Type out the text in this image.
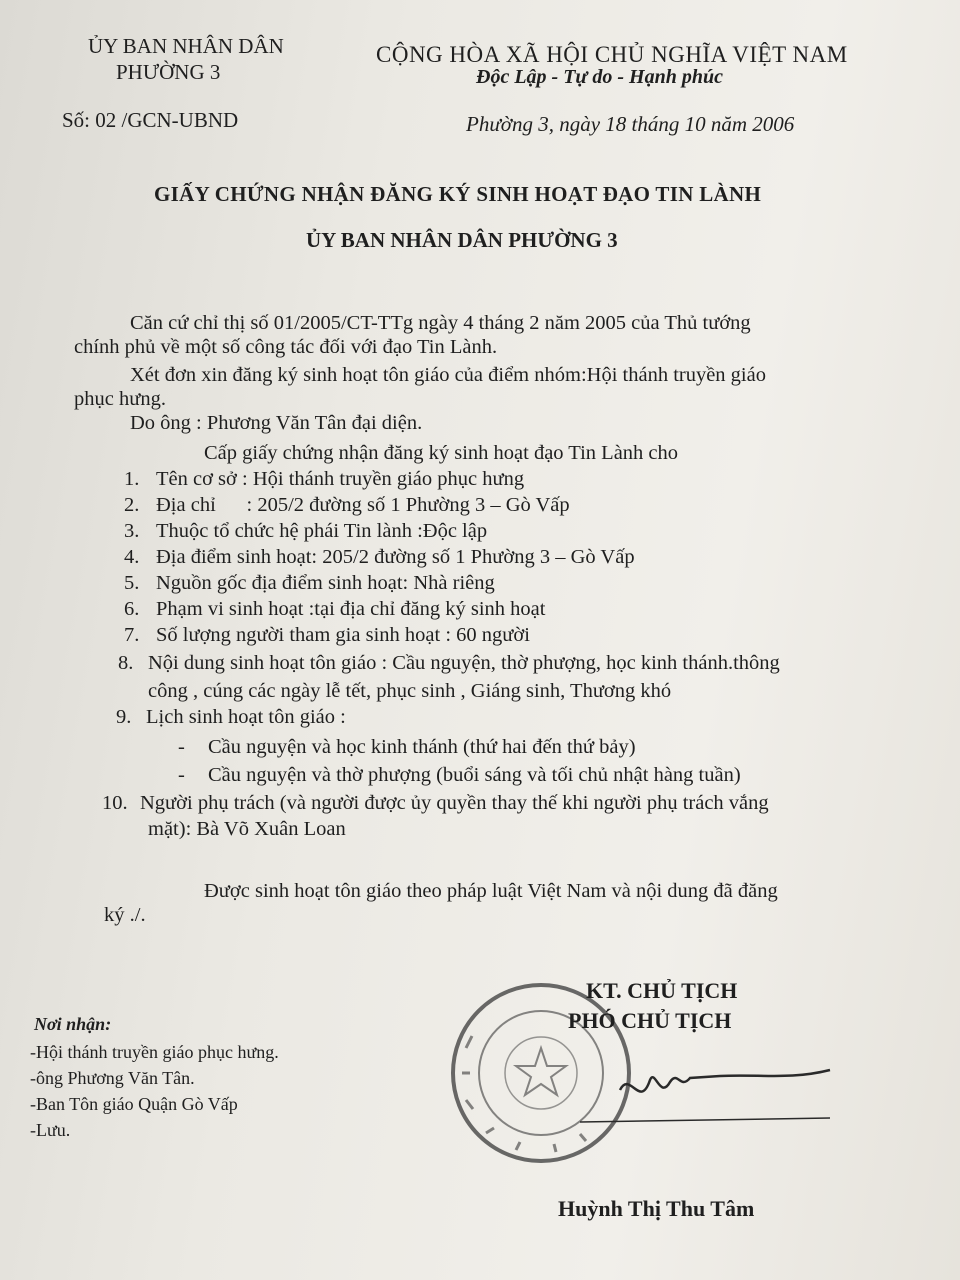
ỦY BAN NHÂN DÂN
PHƯỜNG 3
CỘNG HÒA XÃ HỘI CHỦ NGHĨA VIỆT NAM
Độc Lập - Tự do - Hạnh phúc
Số: 02 /GCN-UBND	Phường 3, ngày 18 tháng 10 năm 2006
GIẤY CHỨNG NHẬN ĐĂNG KÝ SINH HOẠT ĐẠO TIN LÀNH
ỦY BAN NHÂN DÂN PHƯỜNG 3
Căn cứ chỉ thị số 01/2005/CT-TTg ngày 4 tháng 2 năm 2005 của Thủ tướng
chính phủ về một số công tác đối với đạo Tin Lành.
Xét đơn xin đăng ký sinh hoạt tôn giáo của điểm nhóm:Hội thánh truyền giáo
phục hưng.
Do ông : Phương Văn Tân đại diện.
Cấp giấy chứng nhận đăng ký sinh hoạt đạo Tin Lành cho
1. Tên cơ sở : Hội thánh truyền giáo phục hưng
2. Địa chỉ      : 205/2 đường số 1 Phường 3 – Gò Vấp
3. Thuộc tổ chức hệ phái Tin lành :Độc lập
4. Địa điểm sinh hoạt: 205/2 đường số 1 Phường 3 – Gò Vấp
5. Nguồn gốc địa điểm sinh hoạt: Nhà riêng
6. Phạm vi sinh hoạt :tại địa chỉ đăng ký sinh hoạt
7. Số lượng người tham gia sinh hoạt : 60 người
8. Nội dung sinh hoạt tôn giáo : Cầu nguyện, thờ phượng, học kinh thánh.thông
công , cúng các ngày lễ tết, phục sinh , Giáng sinh, Thương khó
9. Lịch sinh hoạt tôn giáo :
- Cầu nguyện và học kinh thánh (thứ hai đến thứ bảy)
- Cầu nguyện và thờ phượng (buổi sáng và tối chủ nhật hàng tuần)
10. Người phụ trách (và người được ủy quyền thay thế khi người phụ trách vắng
mặt): Bà Võ Xuân Loan
Được sinh hoạt tôn giáo theo pháp luật Việt Nam và nội dung đã đăng
ký ./.
Nơi nhận:
-Hội thánh truyền giáo phục hưng.
-ông Phương Văn Tân.
-Ban Tôn giáo Quận Gò Vấp
-Lưu.
KT. CHỦ TỊCH
PHÓ CHỦ TỊCH
Huỳnh Thị Thu Tâm
